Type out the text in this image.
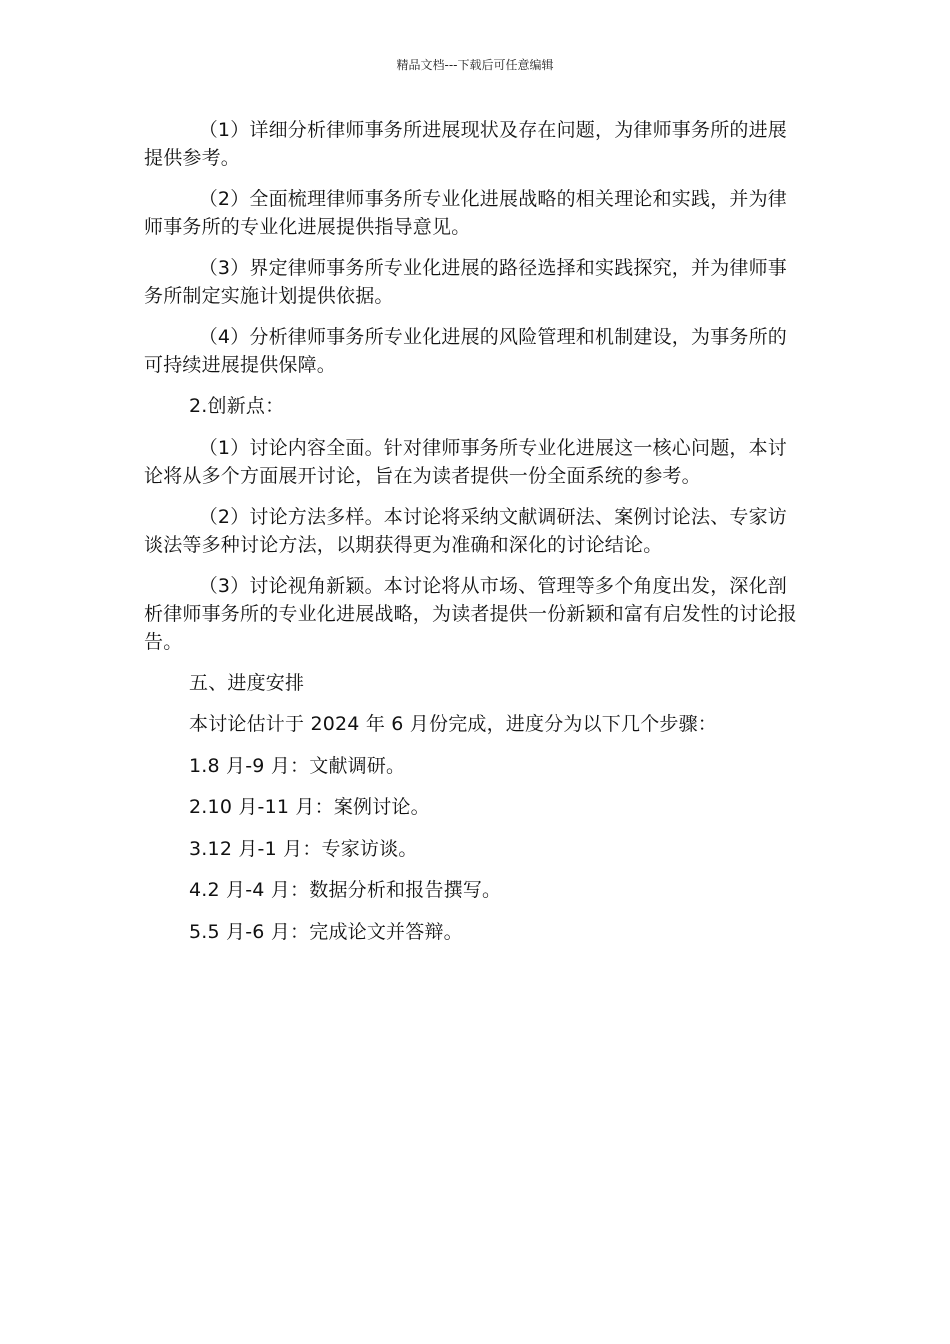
精品文档---下载后可任意编辑

（1）详细分析律师事务所进展现状及存在问题，为律师事务所的进展提供参考。

（2）全面梳理律师事务所专业化进展战略的相关理论和实践，并为律师事务所的专业化进展提供指导意见。

（3）界定律师事务所专业化进展的路径选择和实践探究，并为律师事务所制定实施计划提供依据。

（4）分析律师事务所专业化进展的风险管理和机制建设，为事务所的可持续进展提供保障。

2.创新点：

（1）讨论内容全面。针对律师事务所专业化进展这一核心问题，本讨论将从多个方面展开讨论，旨在为读者提供一份全面系统的参考。

（2）讨论方法多样。本讨论将采纳文献调研法、案例讨论法、专家访谈法等多种讨论方法，以期获得更为准确和深化的讨论结论。

（3）讨论视角新颖。本讨论将从市场、管理等多个角度出发，深化剖析律师事务所的专业化进展战略，为读者提供一份新颖和富有启发性的讨论报告。

五、进度安排

本讨论估计于 2024 年 6 月份完成，进度分为以下几个步骤：

1.8 月-9 月：文献调研。

2.10 月-11 月：案例讨论。

3.12 月-1 月：专家访谈。

4.2 月-4 月：数据分析和报告撰写。

5.5 月-6 月：完成论文并答辩。
